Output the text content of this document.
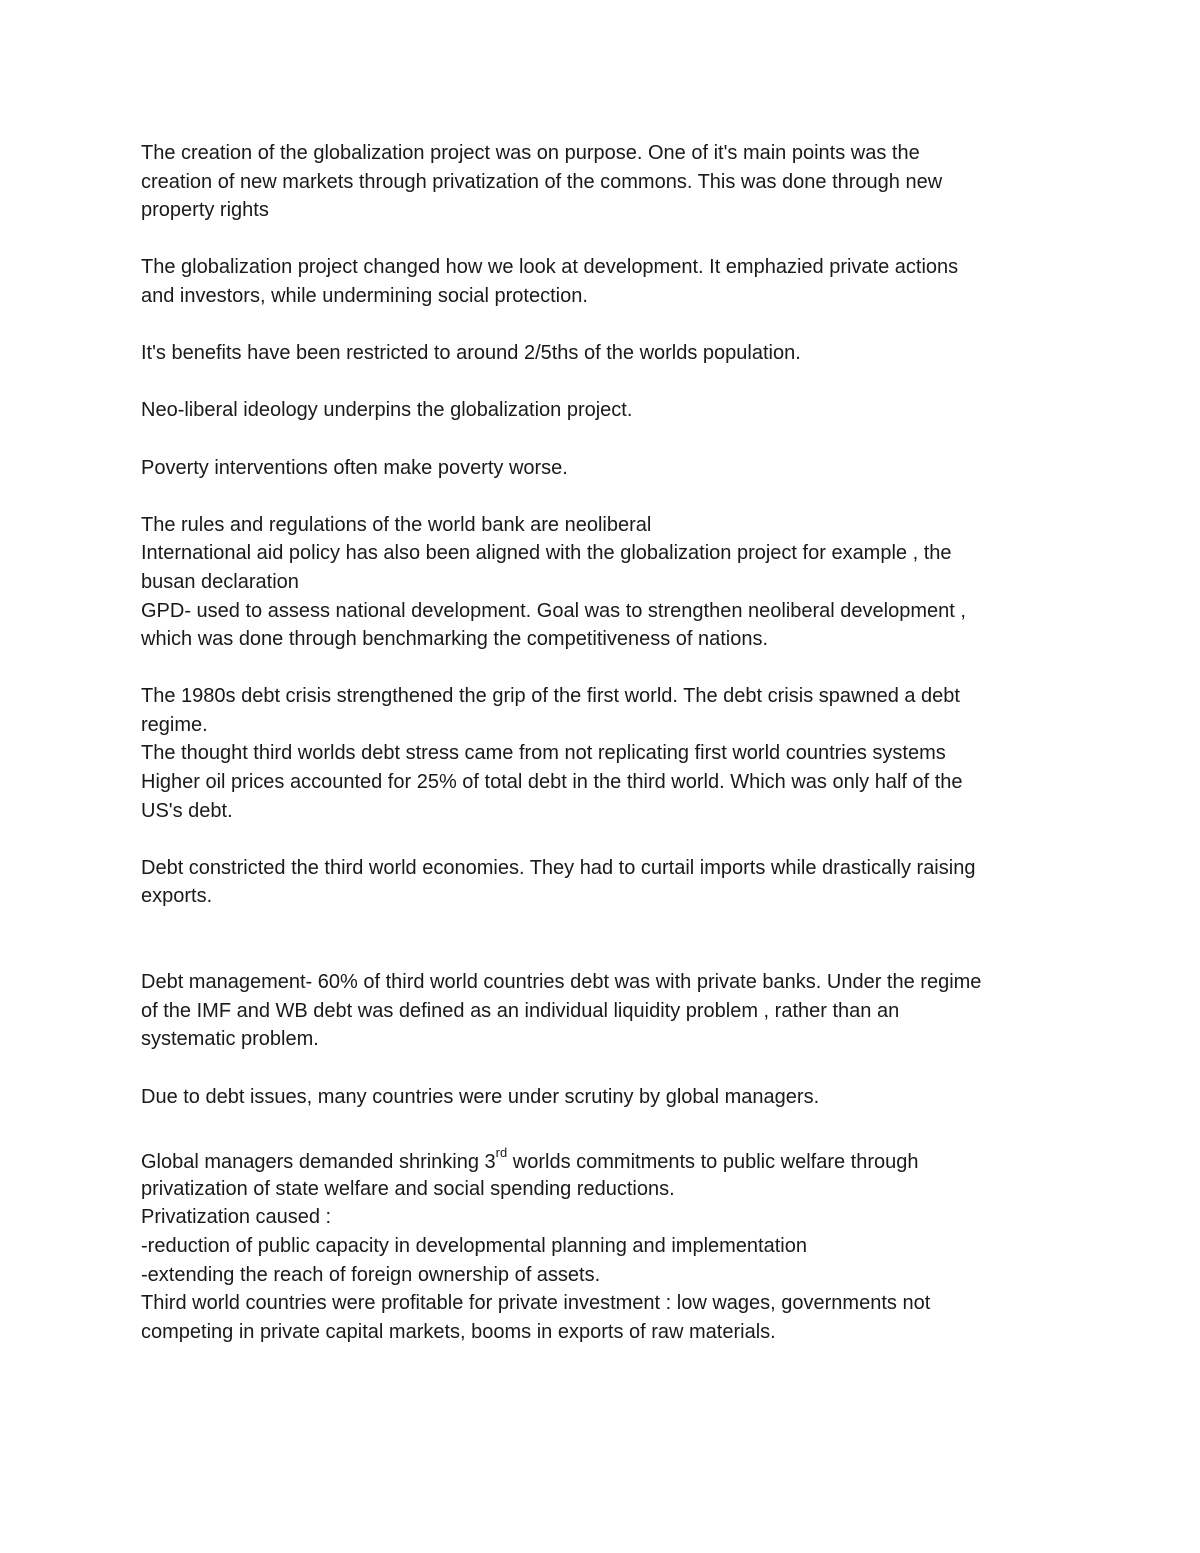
The creation of the globalization project was on purpose. One of it's main points was the
creation of new markets through privatization of the commons. This was done through new
property rights

The globalization project changed how we look at development. It emphazied private actions
and investors, while undermining social protection.

It's benefits have been restricted to around 2/5ths of the worlds population.

Neo-liberal ideology underpins the globalization project.

Poverty interventions often make poverty worse.

The rules and regulations of the world bank are neoliberal
International aid policy has also been aligned with the globalization project for example , the
busan declaration
GPD- used to assess national development. Goal was to strengthen neoliberal development ,
which was done through benchmarking the competitiveness of nations.

The 1980s debt crisis strengthened the grip of the first world. The debt crisis spawned a debt
regime.
The thought third worlds debt stress came from not replicating first world countries systems
Higher oil prices accounted for 25% of total debt in the third world. Which was only half of the
US's debt.

Debt constricted the third world economies. They had to curtail imports while drastically raising
exports.

Debt management- 60% of third world countries debt was with private banks. Under the regime
of the IMF and WB debt was defined as an individual liquidity problem , rather than an
systematic problem.

Due to debt issues, many countries were under scrutiny by global managers.

Global managers demanded shrinking 3rd worlds commitments to public welfare through
privatization of state welfare and social spending reductions.
Privatization caused :
-reduction of public capacity in developmental planning and implementation
-extending the reach of foreign ownership of assets.
Third world countries were profitable for private investment : low wages, governments not
competing in private capital markets, booms in exports of raw materials.
